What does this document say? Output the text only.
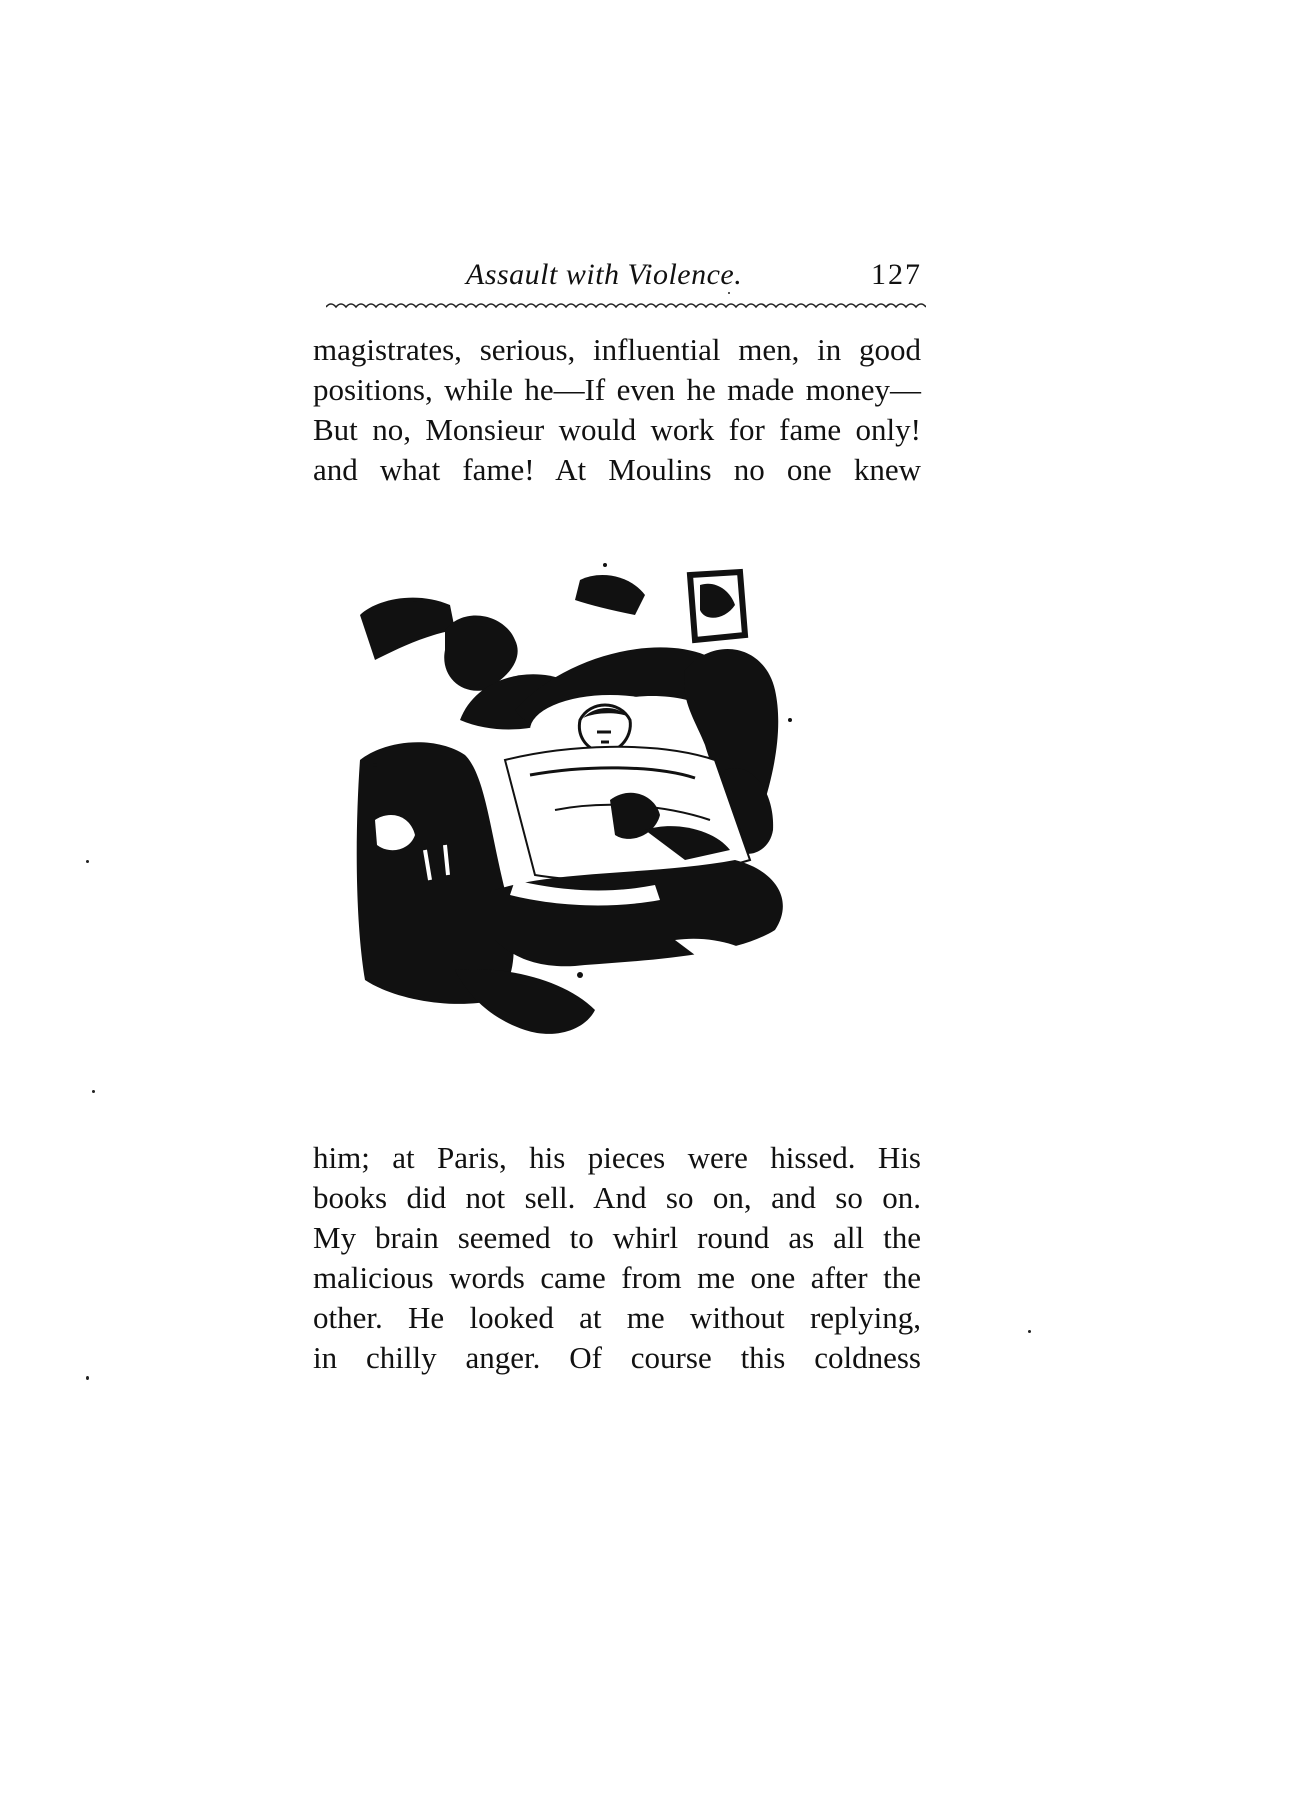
Assault with Violence.	127

magistrates, serious, influential men, in good
positions, while he—If even he made money—
But no, Monsieur would work for fame only!
and what fame! At Moulins no one knew

him; at Paris, his pieces were hissed. His
books did not sell. And so on, and so on.
My brain seemed to whirl round as all the
malicious words came from me one after the
other. He looked at me without replying,
in chilly anger. Of course this coldness
